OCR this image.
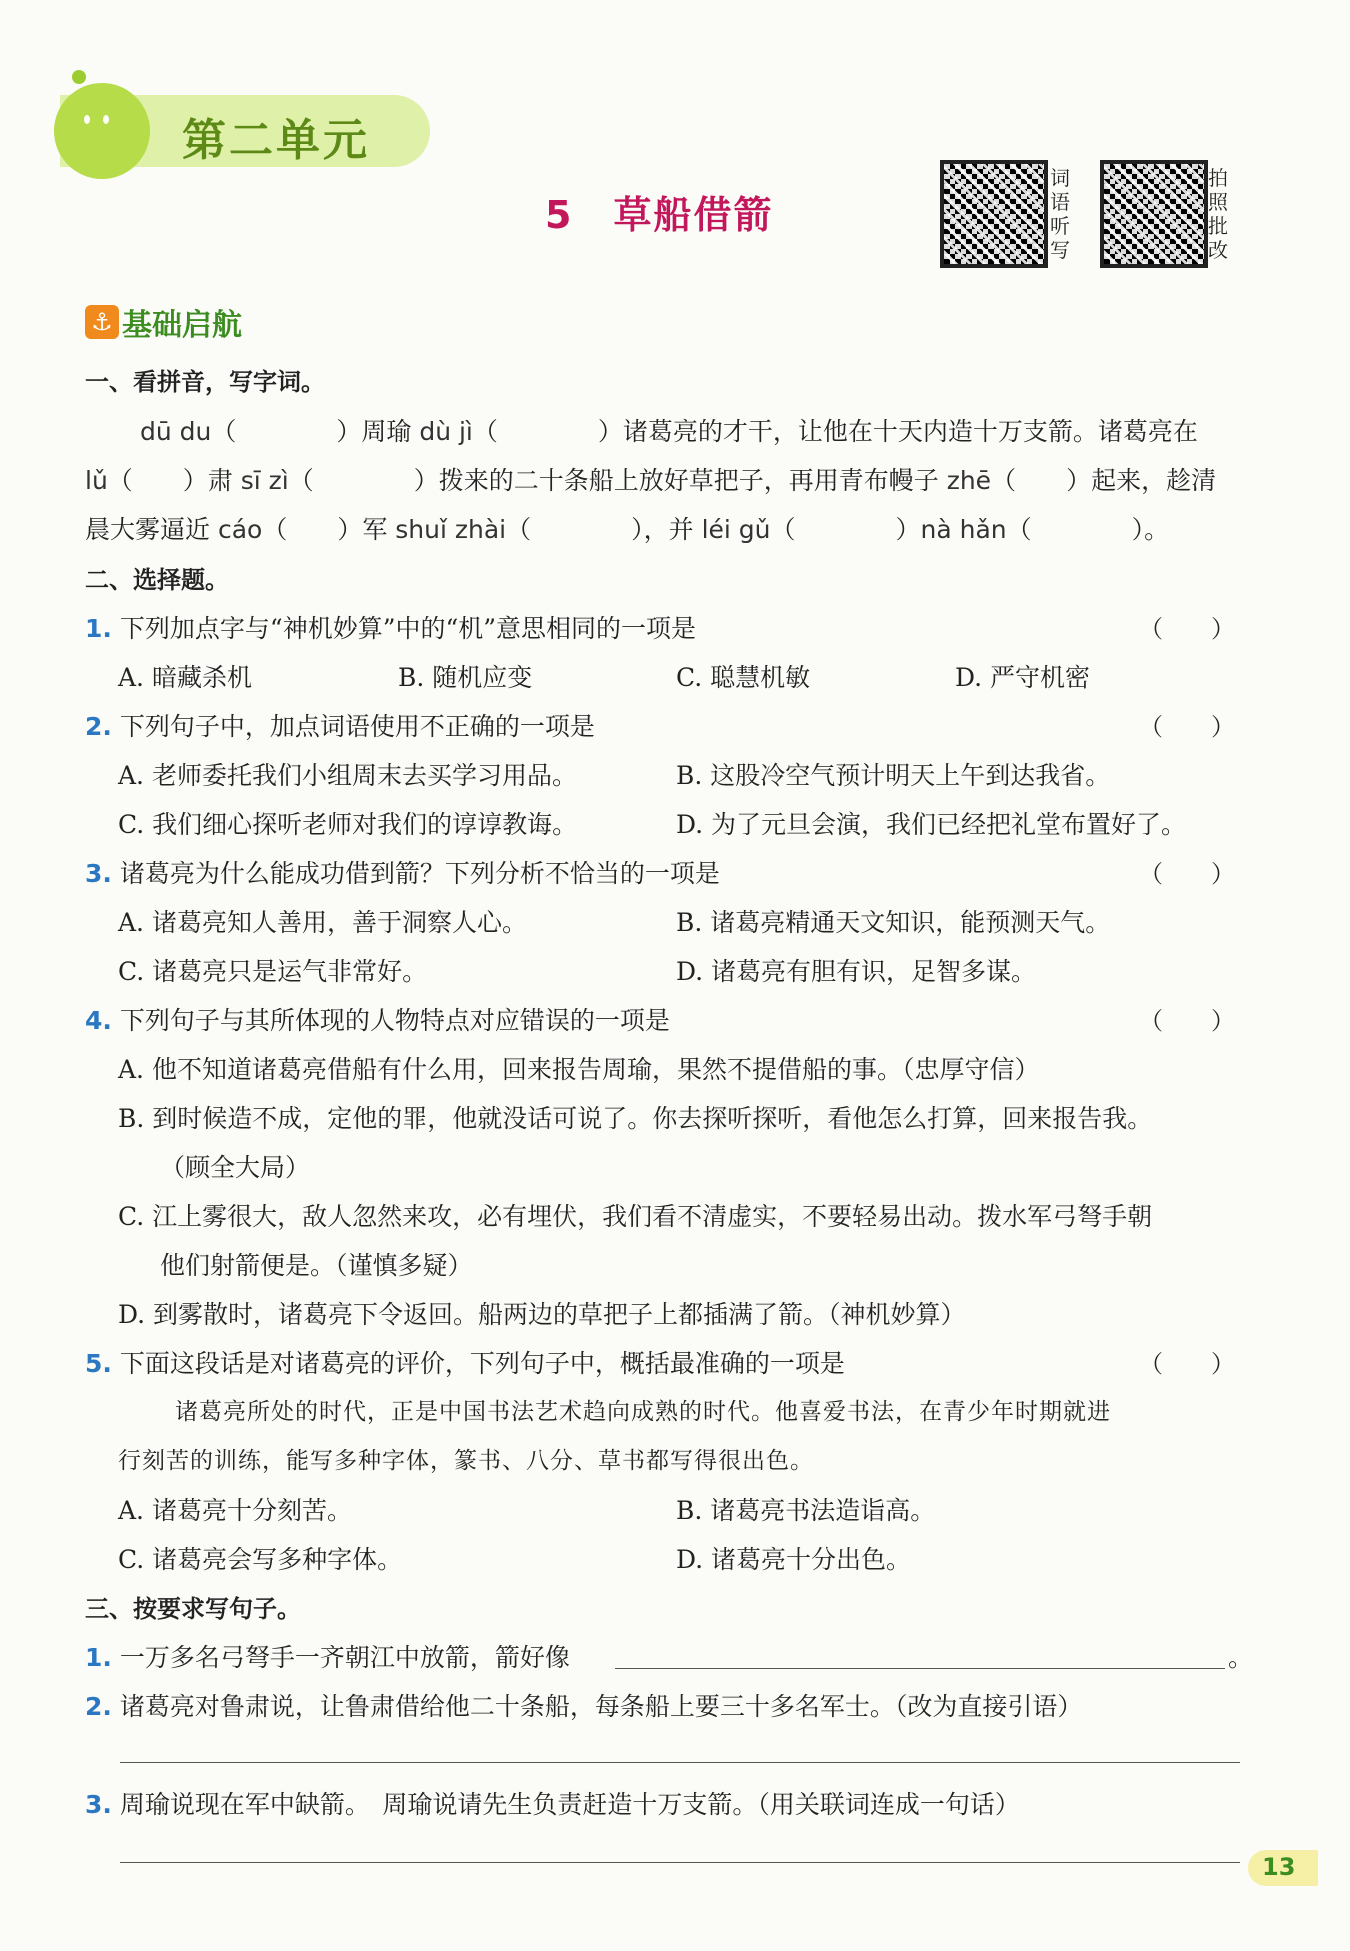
第二单元
5 草船借箭
词语听写
拍照批改
⚓ 基础启航
一、看拼音，写字词。
dū du（　　　　）周瑜 dù jì（　　　　）诸葛亮的才干，让他在十天内造十万支箭。诸葛亮在
lǔ（　　）肃 sī zì（　　　　）拨来的二十条船上放好草把子，再用青布幔子 zhē（　　）起来，趁清
晨大雾逼近 cáo（　　）军 shuǐ zhài（　　　　），并 léi gǔ（　　　　）nà hǎn（　　　　）。
二、选择题。
1. 下列加点字与“神机妙算”中的“机”意思相同的一项是	（　　）
A. 暗藏杀机	B. 随机应变	C. 聪慧机敏	D. 严守机密
2. 下列句子中，加点词语使用不正确的一项是	（　　）
A. 老师委托我们小组周末去买学习用品。	B. 这股冷空气预计明天上午到达我省。
C. 我们细心探听老师对我们的谆谆教诲。	D. 为了元旦会演，我们已经把礼堂布置好了。
3. 诸葛亮为什么能成功借到箭？下列分析不恰当的一项是	（　　）
A. 诸葛亮知人善用，善于洞察人心。	B. 诸葛亮精通天文知识，能预测天气。
C. 诸葛亮只是运气非常好。	D. 诸葛亮有胆有识，足智多谋。
4. 下列句子与其所体现的人物特点对应错误的一项是	（　　）
A. 他不知道诸葛亮借船有什么用，回来报告周瑜，果然不提借船的事。（忠厚守信）
B. 到时候造不成，定他的罪，他就没话可说了。你去探听探听，看他怎么打算，回来报告我。
（顾全大局）
C. 江上雾很大，敌人忽然来攻，必有埋伏，我们看不清虚实，不要轻易出动。拨水军弓弩手朝
他们射箭便是。（谨慎多疑）
D. 到雾散时，诸葛亮下令返回。船两边的草把子上都插满了箭。（神机妙算）
5. 下面这段话是对诸葛亮的评价，下列句子中，概括最准确的一项是	（　　）
诸葛亮所处的时代，正是中国书法艺术趋向成熟的时代。他喜爱书法，在青少年时期就进
行刻苦的训练，能写多种字体，篆书、八分、草书都写得很出色。
A. 诸葛亮十分刻苦。	B. 诸葛亮书法造诣高。
C. 诸葛亮会写多种字体。	D. 诸葛亮十分出色。
三、按要求写句子。
1. 一万多名弓弩手一齐朝江中放箭，箭好像	。
2. 诸葛亮对鲁肃说，让鲁肃借给他二十条船，每条船上要三十多名军士。（改为直接引语）
3. 周瑜说现在军中缺箭。　周瑜说请先生负责赶造十万支箭。（用关联词连成一句话）
13
